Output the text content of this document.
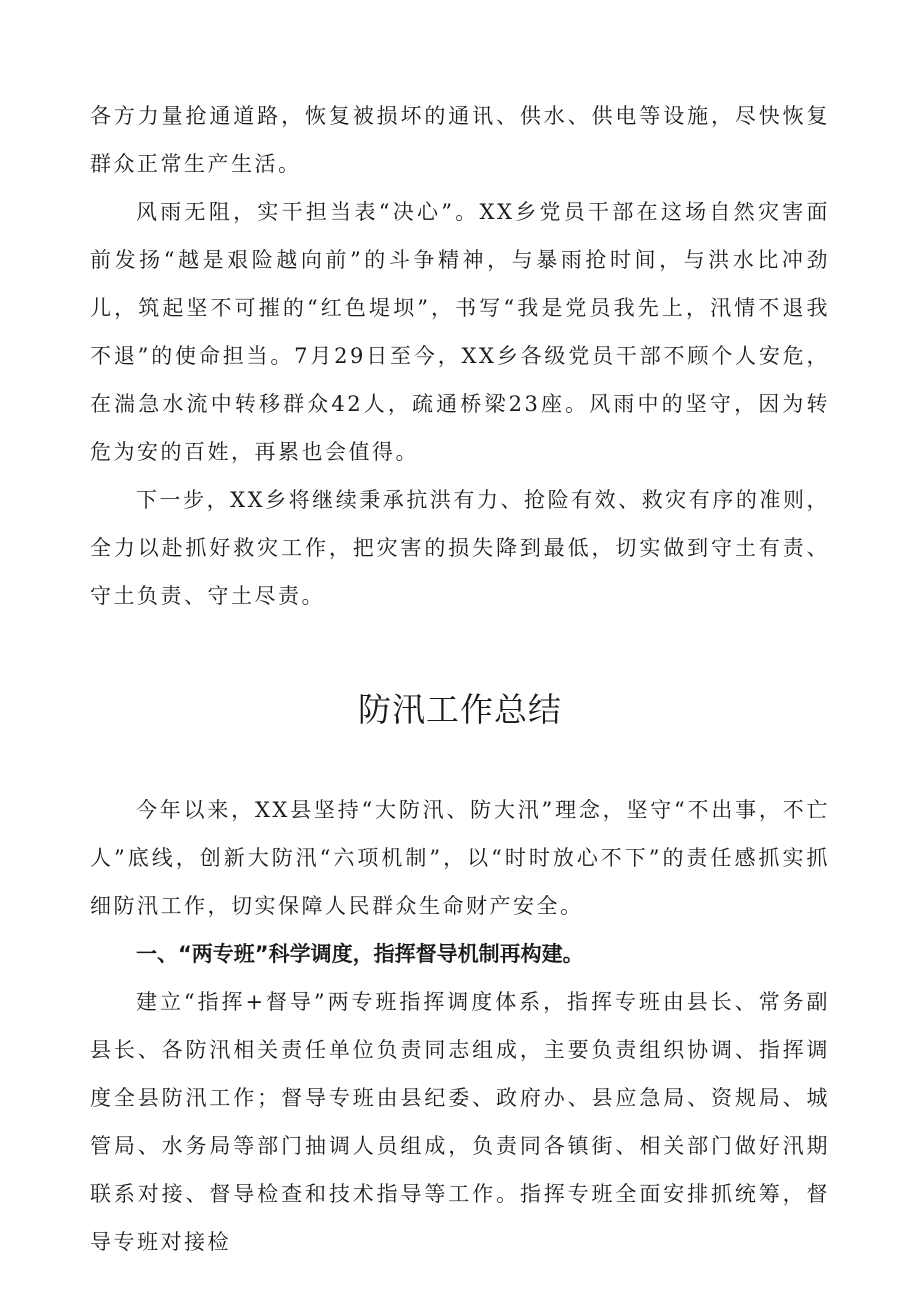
各方力量抢通道路，恢复被损坏的通讯、供水、供电等设施，尽快恢复群众正常生产生活。

风雨无阻，实干担当表“决心”。XX乡党员干部在这场自然灾害面前发扬“越是艰险越向前”的斗争精神，与暴雨抢时间，与洪水比冲劲儿，筑起坚不可摧的“红色堤坝”，书写“我是党员我先上，汛情不退我不退”的使命担当。7月29日至今，XX乡各级党员干部不顾个人安危，在湍急水流中转移群众42人，疏通桥梁23座。风雨中的坚守，因为转危为安的百姓，再累也会值得。

下一步，XX乡将继续秉承抗洪有力、抢险有效、救灾有序的准则，全力以赴抓好救灾工作，把灾害的损失降到最低，切实做到守土有责、守土负责、守土尽责。

防汛工作总结

今年以来，XX县坚持“大防汛、防大汛”理念，坚守“不出事，不亡人”底线，创新大防汛“六项机制”，以“时时放心不下”的责任感抓实抓细防汛工作，切实保障人民群众生命财产安全。

一、“两专班”科学调度，指挥督导机制再构建。

建立“指挥+督导”两专班指挥调度体系，指挥专班由县长、常务副县长、各防汛相关责任单位负责同志组成，主要负责组织协调、指挥调度全县防汛工作；督导专班由县纪委、政府办、县应急局、资规局、城管局、水务局等部门抽调人员组成，负责同各镇街、相关部门做好汛期联系对接、督导检查和技术指导等工作。指挥专班全面安排抓统筹，督导专班对接检
